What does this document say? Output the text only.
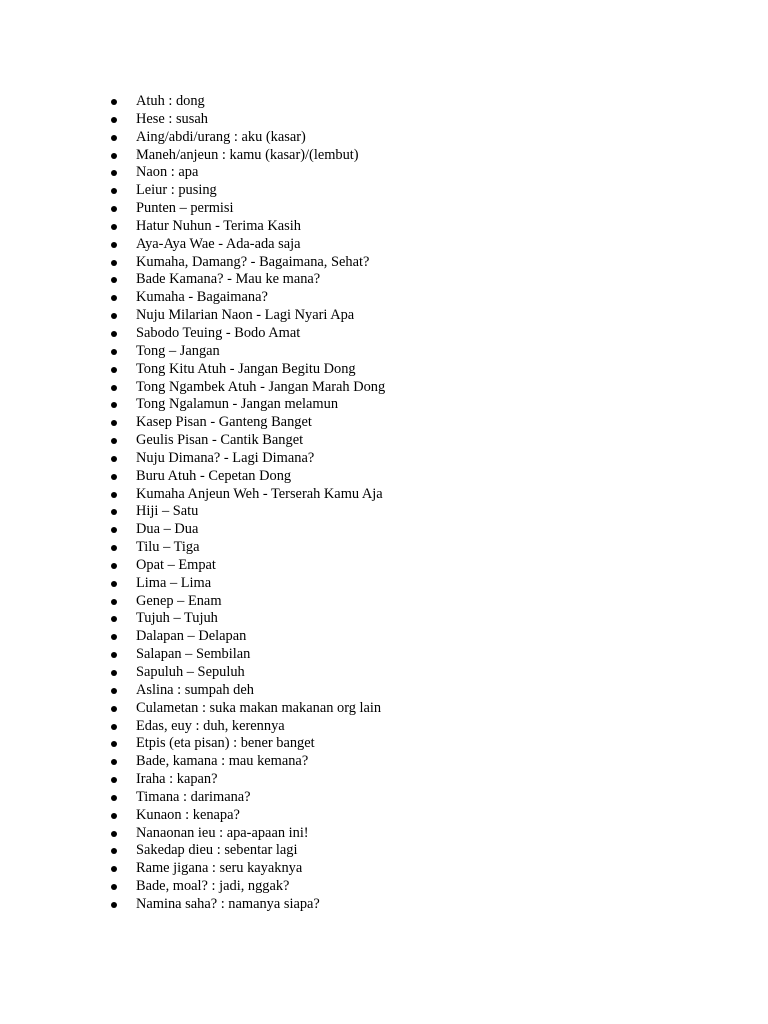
Atuh : dong
Hese : susah
Aing/abdi/urang : aku (kasar)
Maneh/anjeun : kamu (kasar)/(lembut)
Naon : apa
Leiur : pusing
Punten – permisi
Hatur Nuhun - Terima Kasih
Aya-Aya Wae - Ada-ada saja
Kumaha, Damang? - Bagaimana, Sehat?
Bade Kamana? - Mau ke mana?
Kumaha - Bagaimana?
Nuju Milarian Naon - Lagi Nyari Apa
Sabodo Teuing - Bodo Amat
Tong – Jangan
Tong Kitu Atuh - Jangan Begitu Dong
Tong Ngambek Atuh - Jangan Marah Dong
Tong Ngalamun - Jangan melamun
Kasep Pisan - Ganteng Banget
Geulis Pisan - Cantik Banget
Nuju Dimana? - Lagi Dimana?
Buru Atuh - Cepetan Dong
Kumaha Anjeun Weh - Terserah Kamu Aja
Hiji – Satu
Dua – Dua
Tilu – Tiga
Opat – Empat
Lima – Lima
Genep – Enam
Tujuh – Tujuh
Dalapan – Delapan
Salapan – Sembilan
Sapuluh – Sepuluh
Aslina : sumpah deh
Culametan : suka makan makanan org lain
Edas, euy : duh, kerennya
Etpis (eta pisan) : bener banget
Bade, kamana : mau kemana?
Iraha : kapan?
Timana : darimana?
Kunaon : kenapa?
Nanaonan ieu : apa-apaan ini!
Sakedap dieu : sebentar lagi
Rame jigana : seru kayaknya
Bade, moal? : jadi, nggak?
Namina saha? : namanya siapa?
